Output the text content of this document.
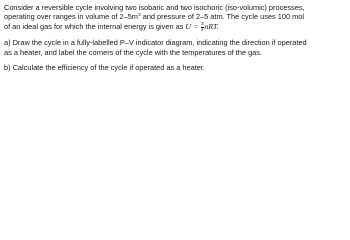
Consider a reversible cycle involving two isobaric and two isochoric (iso-volumic) processes,
operating over ranges in volume of $2-5m^3$ and pressure of 2–5 atm. The cycle uses 100 mol
of an ideal gas for which the internal energy is given as $U = \frac{3}{2}$ nRT.

a) Draw the cycle in a fully-labelled P–V indicator diagram, indicating the direction if operated
as a heater, and label the corners of the cycle with the temperatures of the gas.

b) Calculate the efficiency of the cycle if operated as a heater.
